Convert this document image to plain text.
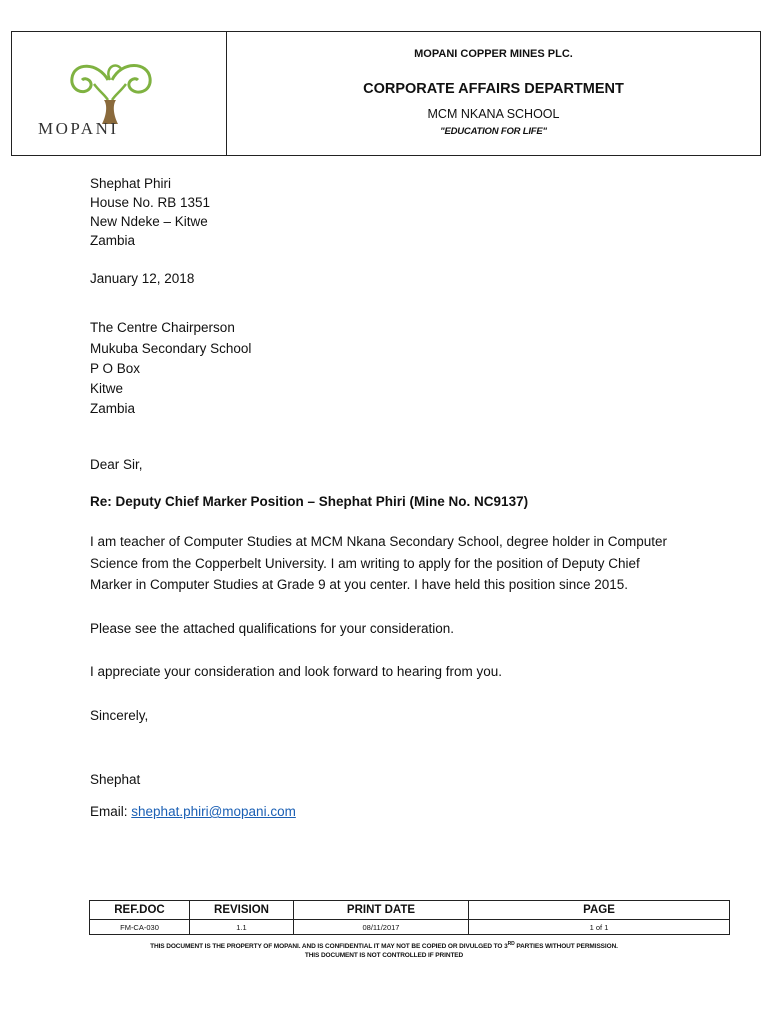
MOPANI
MOPANI COPPER MINES PLC.
CORPORATE AFFAIRS DEPARTMENT
MCM NKANA SCHOOL
"EDUCATION FOR LIFE"
Shephat Phiri
House No. RB 1351
New Ndeke – Kitwe
Zambia
January 12, 2018
The Centre Chairperson
Mukuba Secondary School
P O Box
Kitwe
Zambia
Dear Sir,
Re: Deputy Chief Marker Position – Shephat Phiri (Mine No. NC9137)
I am teacher of Computer Studies at MCM Nkana Secondary School, degree holder in Computer
Science from the Copperbelt University. I am writing to apply for the position of Deputy Chief
Marker in Computer Studies at Grade 9 at you center. I have held this position since 2015.
Please see the attached qualifications for your consideration.
I appreciate your consideration and look forward to hearing from you.
Sincerely,
Shephat
Email: shephat.phiri@mopani.com
REF.DOC	REVISION	PRINT DATE	PAGE
FM-CA-030	1.1	08/11/2017	1 of 1
THIS DOCUMENT IS THE PROPERTY OF MOPANI. AND IS CONFIDENTIAL IT MAY NOT BE COPIED OR DIVULGED TO 3RD PARTIES WITHOUT PERMISSION.
THIS DOCUMENT IS NOT CONTROLLED IF PRINTED
